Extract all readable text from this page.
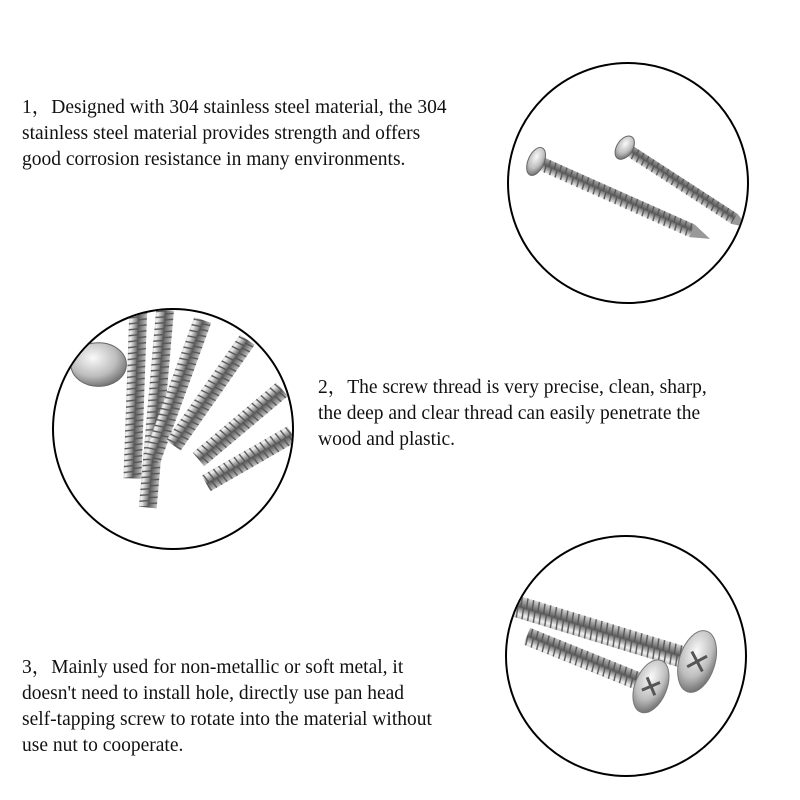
1，Designed with 304 stainless steel material, the 304
stainless steel material provides strength and offers
good corrosion resistance in many environments.
2，The screw thread is very precise, clean, sharp,
the deep and clear thread can easily penetrate the
wood and plastic.
3，Mainly used for non-metallic or soft metal, it
doesn't need to install hole, directly use pan head
self-tapping screw to rotate into the material without
use nut to cooperate.
